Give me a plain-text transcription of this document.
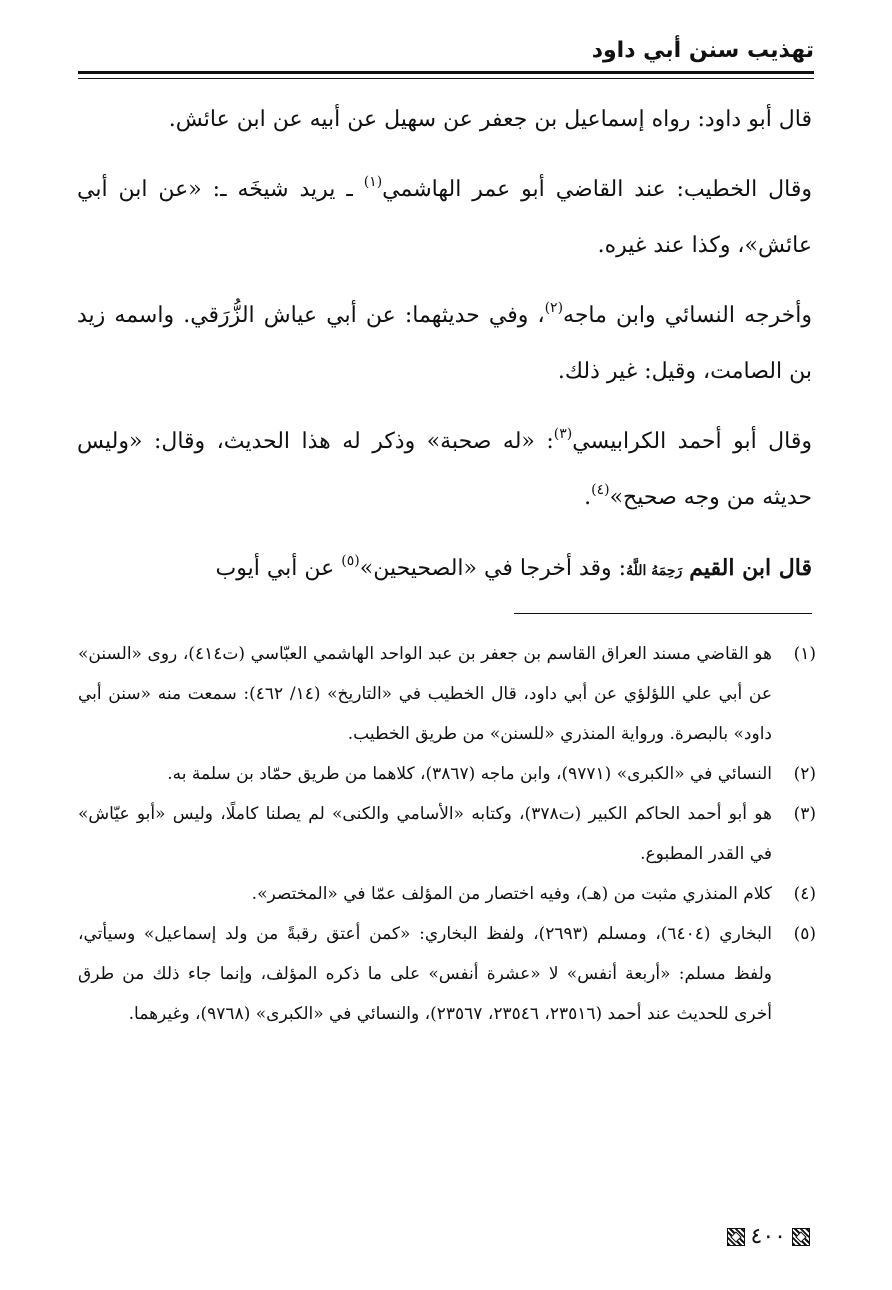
تهذيب سنن أبي داود

قال أبو داود: رواه إسماعيل بن جعفر عن سهيل عن أبيه عن ابن عائش.

وقال الخطيب: عند القاضي أبو عمر الهاشمي$^{(١)}$ ـ يريد شيخَه ـ: «عن ابن أبي عائش»، وكذا عند غيره.

وأخرجه النسائي وابن ماجه$^{(٢)}$، وفي حديثهما: عن أبي عياش الزُّرَقي. واسمه زيد بن الصامت، وقيل: غير ذلك.

وقال أبو أحمد الكرابيسي$^{(٣)}$: «له صحبة» وذكر له هذا الحديث، وقال: «وليس حديثه من وجه صحيح»$^{(٤)}$.

قال ابن القيم رَحِمَهُ اللَّهُ: وقد أخرجا في «الصحيحين»$^{(٥)}$ عن أبي أيوب

(١)
هو القاضي مسند العراق القاسم بن جعفر بن عبد الواحد الهاشمي العبّاسي (ت٤١٤)، روى «السنن» عن أبي علي اللؤلؤي عن أبي داود، قال الخطيب في «التاريخ» (١٤/ ٤٦٢): سمعت منه «سنن أبي داود» بالبصرة. ورواية المنذري «للسنن» من طريق الخطيب.
(٢)
النسائي في «الكبرى» (٩٧٧١)، وابن ماجه (٣٨٦٧)، كلاهما من طريق حمّاد بن سلمة به.
(٣)
هو أبو أحمد الحاكم الكبير (ت٣٧٨)، وكتابه «الأسامي والكنى» لم يصلنا كاملًا، وليس «أبو عيّاش» في القدر المطبوع.
(٤)
كلام المنذري مثبت من (هـ)، وفيه اختصار من المؤلف عمّا في «المختصر».
(٥)
البخاري (٦٤٠٤)، ومسلم (٢٦٩٣)، ولفظ البخاري: «كمن أعتق رقبةً من ولد إسماعيل» وسيأتي، ولفظ مسلم: «أربعة أنفس» لا «عشرة أنفس» على ما ذكره المؤلف، وإنما جاء ذلك من طرق أخرى للحديث عند أحمد (٢٣٥١٦، ٢٣٥٤٦، ٢٣٥٦٧)، والنسائي في «الكبرى» (٩٧٦٨)، وغيرهما.
٤٠٠
